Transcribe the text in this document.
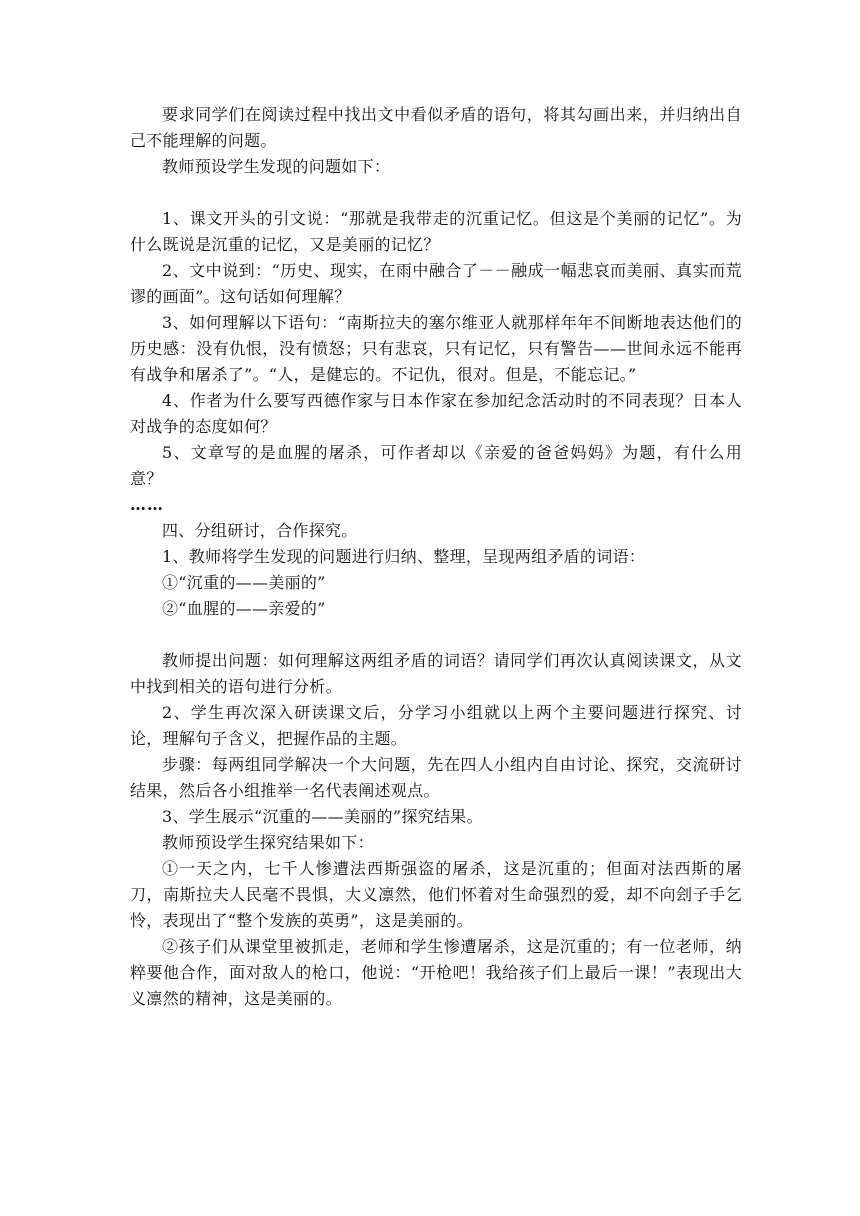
要求同学们在阅读过程中找出文中看似矛盾的语句，将其勾画出来，并归纳出自己不能理解的问题。

教师预设学生发现的问题如下：

1、课文开头的引文说：“那就是我带走的沉重记忆。但这是个美丽的记忆”。为什么既说是沉重的记忆，又是美丽的记忆？

2、文中说到：“历史、现实，在雨中融合了－－融成一幅悲哀而美丽、真实而荒谬的画面”。这句话如何理解？

3、如何理解以下语句：“南斯拉夫的塞尔维亚人就那样年年不间断地表达他们的历史感：没有仇恨，没有愤怒；只有悲哀，只有记忆，只有警告——世间永远不能再有战争和屠杀了”。“人，是健忘的。不记仇，很对。但是，不能忘记。”

4、作者为什么要写西德作家与日本作家在参加纪念活动时的不同表现？日本人对战争的态度如何？

5、文章写的是血腥的屠杀，可作者却以《亲爱的爸爸妈妈》为题，有什么用意？

……

四、分组研讨，合作探究。

1、教师将学生发现的问题进行归纳、整理，呈现两组矛盾的词语：

①“沉重的——美丽的”

②“血腥的——亲爱的”

教师提出问题：如何理解这两组矛盾的词语？请同学们再次认真阅读课文，从文中找到相关的语句进行分析。

2、学生再次深入研读课文后，分学习小组就以上两个主要问题进行探究、讨论，理解句子含义，把握作品的主题。

步骤：每两组同学解决一个大问题，先在四人小组内自由讨论、探究，交流研讨结果，然后各小组推举一名代表阐述观点。

3、学生展示“沉重的——美丽的”探究结果。

教师预设学生探究结果如下：

①一天之内，七千人惨遭法西斯强盗的屠杀，这是沉重的；但面对法西斯的屠刀，南斯拉夫人民毫不畏惧，大义凛然，他们怀着对生命强烈的爱，却不向刽子手乞怜，表现出了“整个发族的英勇”，这是美丽的。

②孩子们从课堂里被抓走，老师和学生惨遭屠杀，这是沉重的；有一位老师，纳粹要他合作，面对敌人的枪口，他说：“开枪吧！我给孩子们上最后一课！”表现出大义凛然的精神，这是美丽的。
